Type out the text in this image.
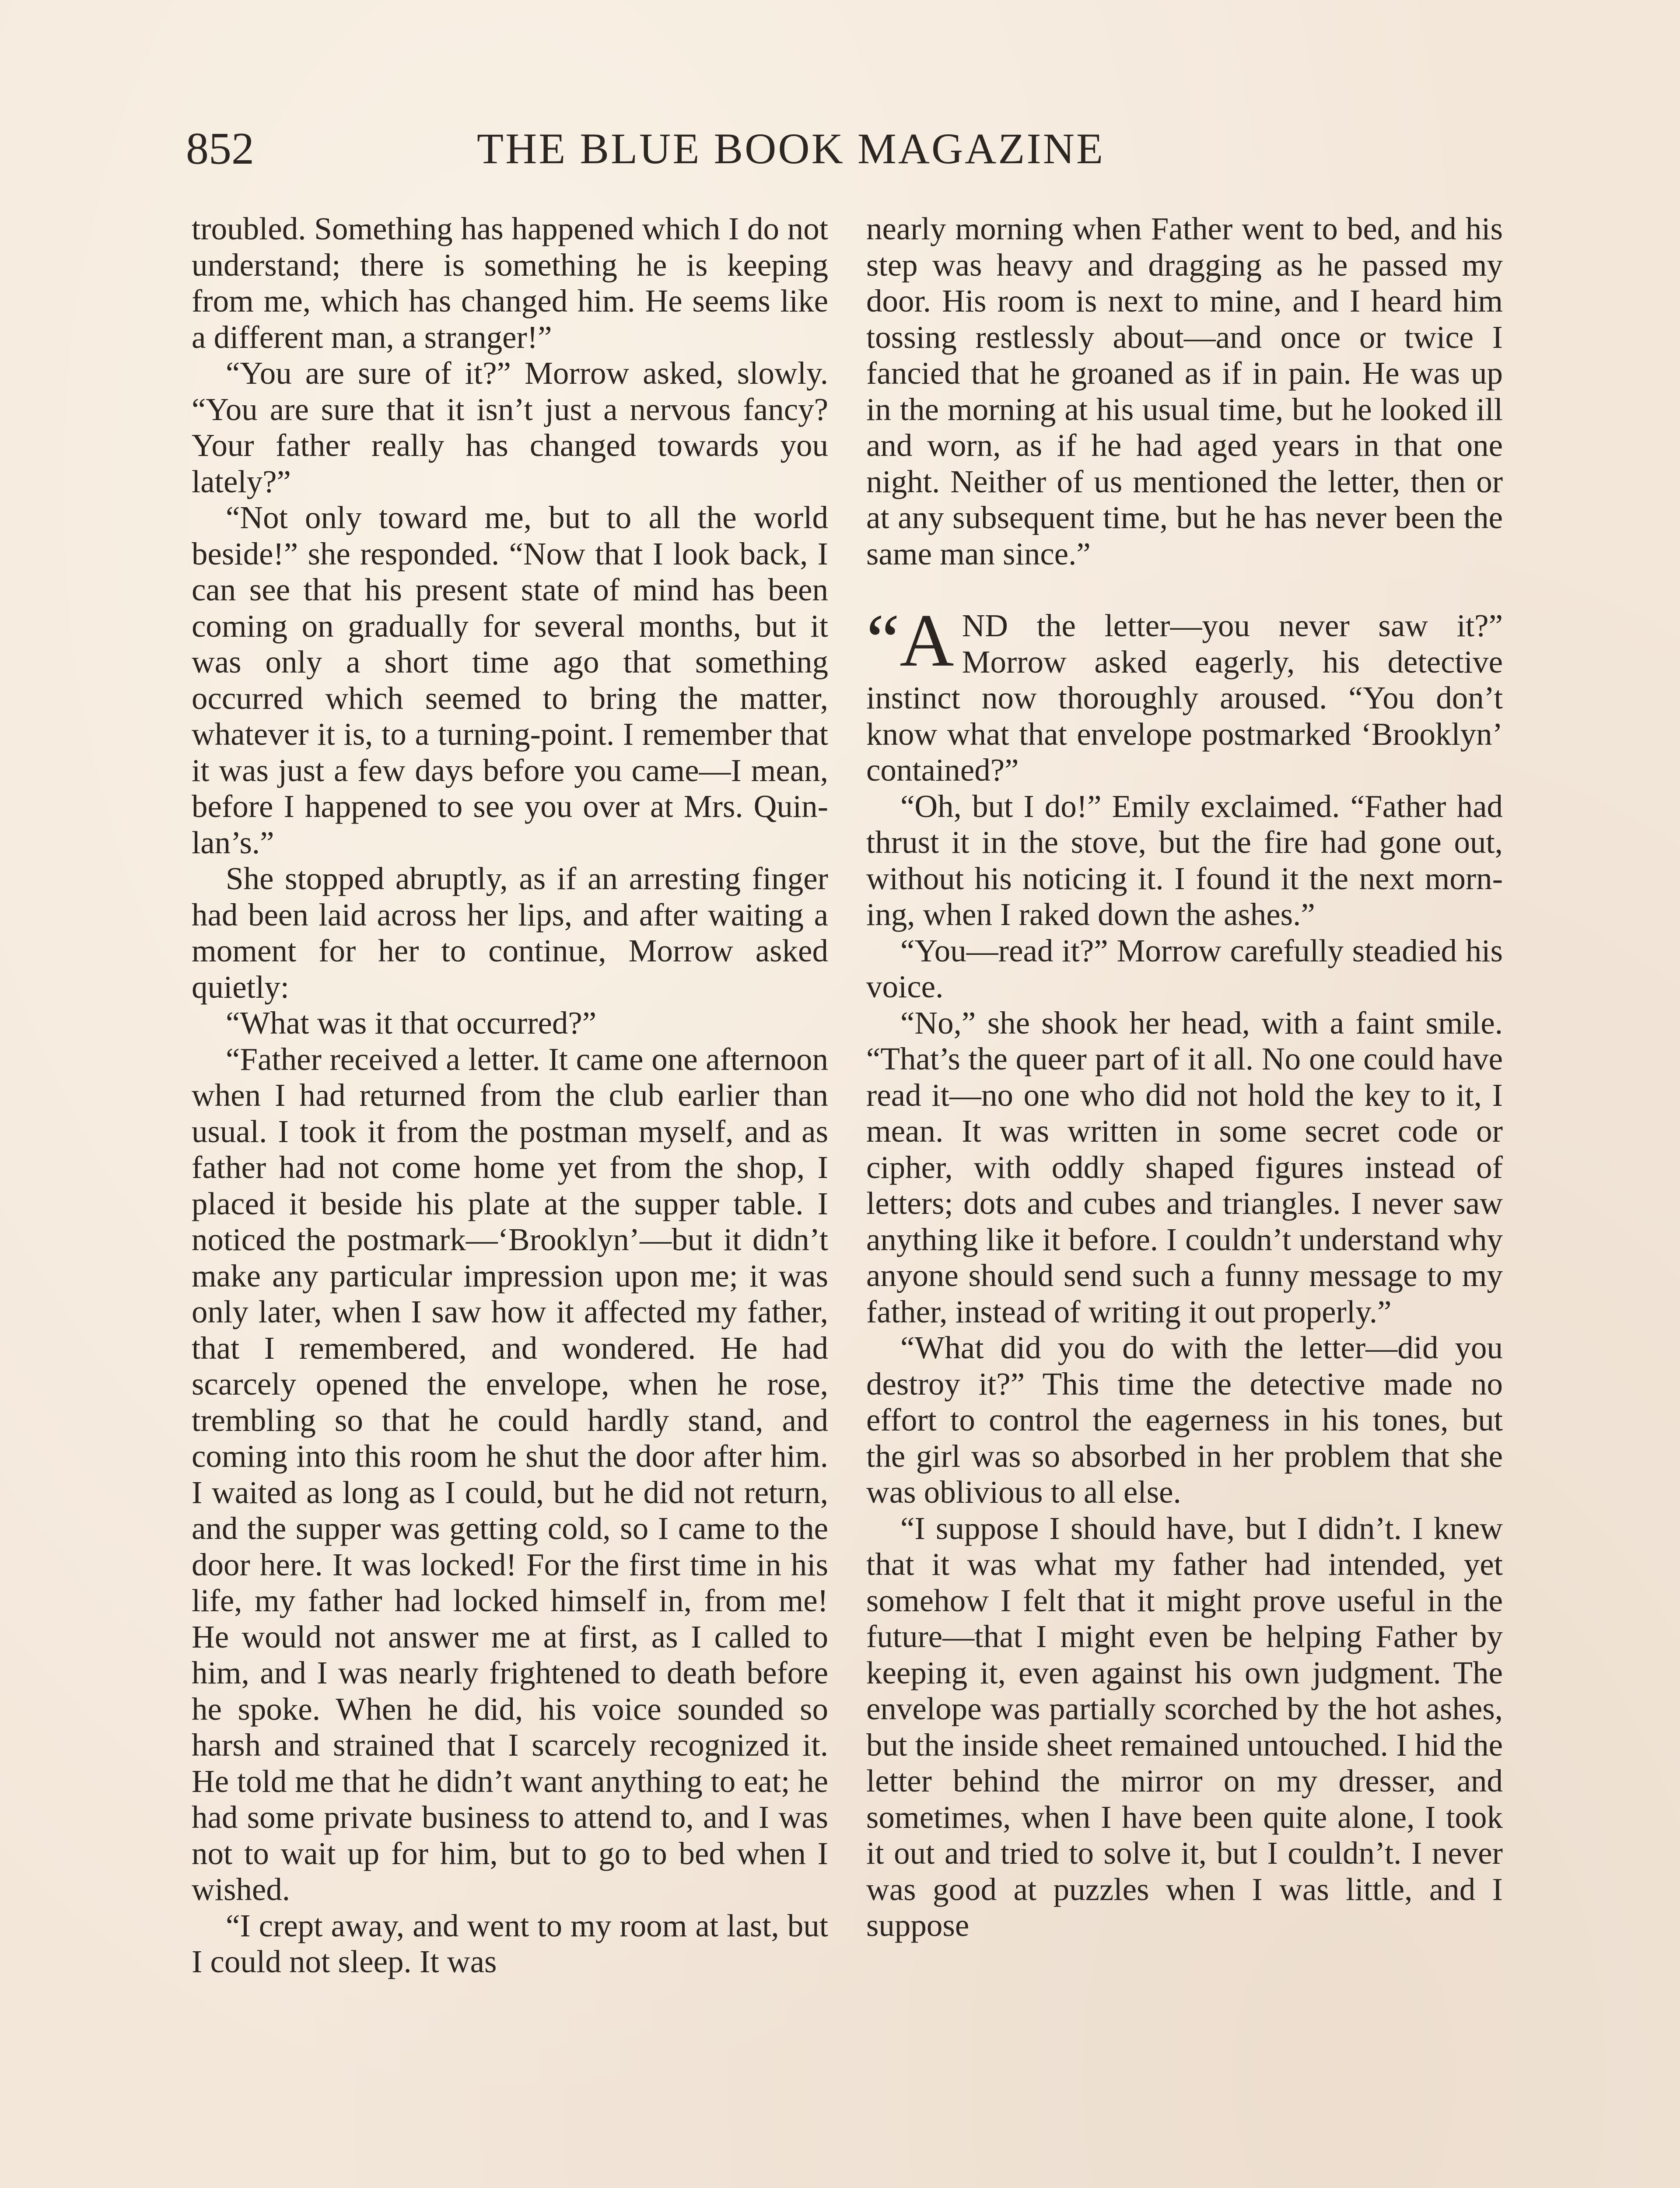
852	THE BLUE BOOK MAGAZINE

troubled. Something has happened which I do not understand; there is something he is keeping from me, which has changed him. He seems like a different man, a stranger!”

“You are sure of it?” Morrow asked, slowly. “You are sure that it isn’t just a nervous fancy? Your father really has changed towards you lately?”

“Not only toward me, but to all the world beside!” she responded. “Now that I look back, I can see that his present state of mind has been coming on gradually for several months, but it was only a short time ago that something occurred which seemed to bring the matter, whatever it is, to a turning-point. I remember that it was just a few days before you came—I mean, before I happened to see you over at Mrs. Quinlan’s.”

She stopped abruptly, as if an arresting finger had been laid across her lips, and after waiting a moment for her to continue, Morrow asked quietly:

“What was it that occurred?”

“Father received a letter. It came one afternoon when I had returned from the club earlier than usual. I took it from the postman myself, and as father had not come home yet from the shop, I placed it beside his plate at the supper table. I noticed the postmark—‘Brooklyn’—but it didn’t make any particular impression upon me; it was only later, when I saw how it affected my father, that I remembered, and wondered. He had scarcely opened the envelope, when he rose, trembling so that he could hardly stand, and coming into this room he shut the door after him. I waited as long as I could, but he did not return, and the supper was getting cold, so I came to the door here. It was locked! For the first time in his life, my father had locked himself in, from me! He would not answer me at first, as I called to him, and I was nearly frightened to death before he spoke. When he did, his voice sounded so harsh and strained that I scarcely recognized it. He told me that he didn’t want anything to eat; he had some private business to attend to, and I was not to wait up for him, but to go to bed when I wished.

“I crept away, and went to my room at last, but I could not sleep. It was

nearly morning when Father went to bed, and his step was heavy and dragging as he passed my door. His room is next to mine, and I heard him tossing restlessly about—and once or twice I fancied that he groaned as if in pain. He was up in the morning at his usual time, but he looked ill and worn, as if he had aged years in that one night. Neither of us mentioned the letter, then or at any subsequent time, but he has never been the same man since.”

“A ND the letter—you never saw it?” Morrow asked eagerly, his detective instinct now thoroughly aroused. “You don’t know what that envelope postmarked ‘Brooklyn’ contained?”

“Oh, but I do!” Emily exclaimed. “Father had thrust it in the stove, but the fire had gone out, without his noticing it. I found it the next morning, when I raked down the ashes.”

“You—read it?” Morrow carefully steadied his voice.

“No,” she shook her head, with a faint smile. “That’s the queer part of it all. No one could have read it—no one who did not hold the key to it, I mean. It was written in some secret code or cipher, with oddly shaped figures instead of letters; dots and cubes and triangles. I never saw anything like it before. I couldn’t understand why anyone should send such a funny message to my father, instead of writing it out properly.”

“What did you do with the letter—did you destroy it?” This time the detective made no effort to control the eagerness in his tones, but the girl was so absorbed in her problem that she was oblivious to all else.

“I suppose I should have, but I didn’t. I knew that it was what my father had intended, yet somehow I felt that it might prove useful in the future—that I might even be helping Father by keeping it, even against his own judgment. The envelope was partially scorched by the hot ashes, but the inside sheet remained untouched. I hid the letter behind the mirror on my dresser, and sometimes, when I have been quite alone, I took it out and tried to solve it, but I couldn’t. I never was good at puzzles when I was little, and I suppose
